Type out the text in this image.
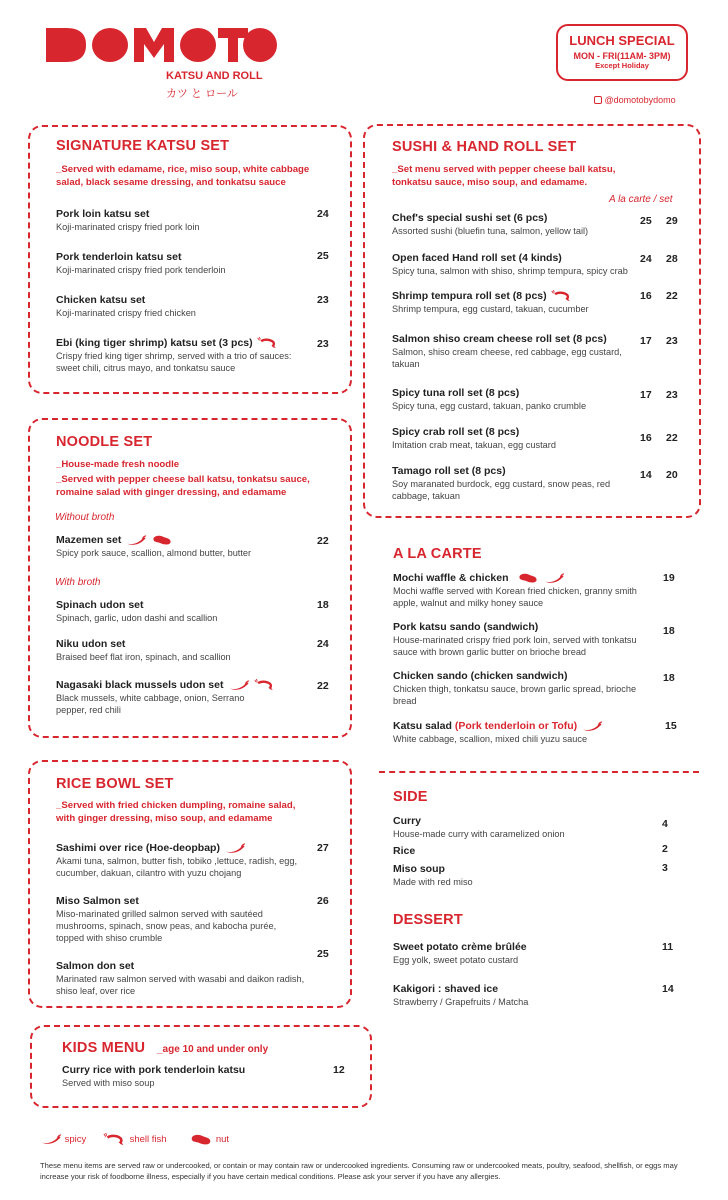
KATSU AND ROLL
カツ と ロール
LUNCH SPECIAL
MON - FRI(11AM- 3PM)
Except Holiday
@domotobydomo
SIGNATURE KATSU SET
_Served with edamame, rice, miso soup, white cabbage salad, black sesame dressing, and tonkatsu sauce
Pork loin katsu set
Koji-marinated crispy fried pork loin
24
Pork tenderloin katsu set
Koji-marinated crispy fried pork tenderloin
25
Chicken katsu set
Koji-marinated crispy fried chicken
23
Ebi (king tiger shrimp) katsu set (3 pcs)
Crispy fried king tiger shrimp, served with a trio of sauces: sweet chili, citrus mayo, and tonkatsu sauce
23
NOODLE SET
_House-made fresh noodle
_Served with pepper cheese ball katsu, tonkatsu sauce, romaine salad with ginger dressing, and edamame
Without broth
Mazemen set
Spicy pork sauce, scallion, almond butter, butter
22
With broth
Spinach udon set
Spinach, garlic, udon dashi and scallion
18
Niku udon set
Braised beef flat iron, spinach, and scallion
24
Nagasaki black mussels udon set
Black mussels, white cabbage, onion, Serrano pepper, red chili
22
RICE BOWL SET
_Served with fried chicken dumpling, romaine salad, with ginger dressing, miso soup, and edamame
Sashimi over rice (Hoe-deopbap)
Akami tuna, salmon, butter fish, tobiko ,lettuce, radish, egg, cucumber, dakuan, cilantro with yuzu chojang
27
Miso Salmon set
Miso-marinated grilled salmon served with sautéed mushrooms, spinach, snow peas, and kabocha purée, topped with shiso crumble
26
Salmon don set
Marinated raw salmon served with wasabi and daikon radish, shiso leaf, over rice
25
KIDS MENU _age 10 and under only
Curry rice with pork tenderloin katsu
Served with miso soup
12
SUSHI & HAND ROLL SET
_Set menu served with pepper cheese ball katsu, tonkatsu sauce, miso soup, and edamame.
A la carte / set
Chef's special sushi set (6 pcs)
Assorted sushi (bluefin tuna, salmon, yellow tail)
25 29
Open faced Hand roll set (4 kinds)
Spicy tuna, salmon with shiso, shrimp tempura, spicy crab
24 28
Shrimp tempura roll set (8 pcs)
Shrimp tempura, egg custard, takuan, cucumber
16 22
Salmon shiso cream cheese roll set (8 pcs)
Salmon, shiso cream cheese, red cabbage, egg custard, takuan
17 23
Spicy tuna roll set (8 pcs)
Spicy tuna, egg custard, takuan, panko crumble
17 23
Spicy crab roll set (8 pcs)
Imitation crab meat, takuan, egg custard
16 22
Tamago roll set (8 pcs)
Soy maranated burdock, egg custard, snow peas, red cabbage, takuan
14 20
A LA CARTE
Mochi waffle & chicken
Mochi waffle served with Korean fried chicken, granny smith apple, walnut and milky honey sauce
19
Pork katsu sando (sandwich)
House-marinated crispy fried pork loin, served with tonkatsu sauce with brown garlic butter on brioche bread
18
Chicken sando (chicken sandwich)
Chicken thigh, tonkatsu sauce, brown garlic spread, brioche bread
18
Katsu salad (Pork tenderloin or Tofu)
White cabbage, scallion, mixed chili yuzu sauce
15
SIDE
Curry
House-made curry with caramelized onion
4
Rice	2
Miso soup
Made with red miso
3
DESSERT
Sweet potato crème brûlée
Egg yolk, sweet potato custard
11
Kakigori : shaved ice
Strawberry / Grapefruits / Matcha
14
spicy	shell fish	nut
These menu items are served raw or undercooked, or contain or may contain raw or undercooked ingredients. Consuming raw or undercooked meats, poultry, seafood, shellfish, or eggs may increase your risk of foodborne illness, especially if you have certain medical conditions. Please ask your server if you have any allergies.
